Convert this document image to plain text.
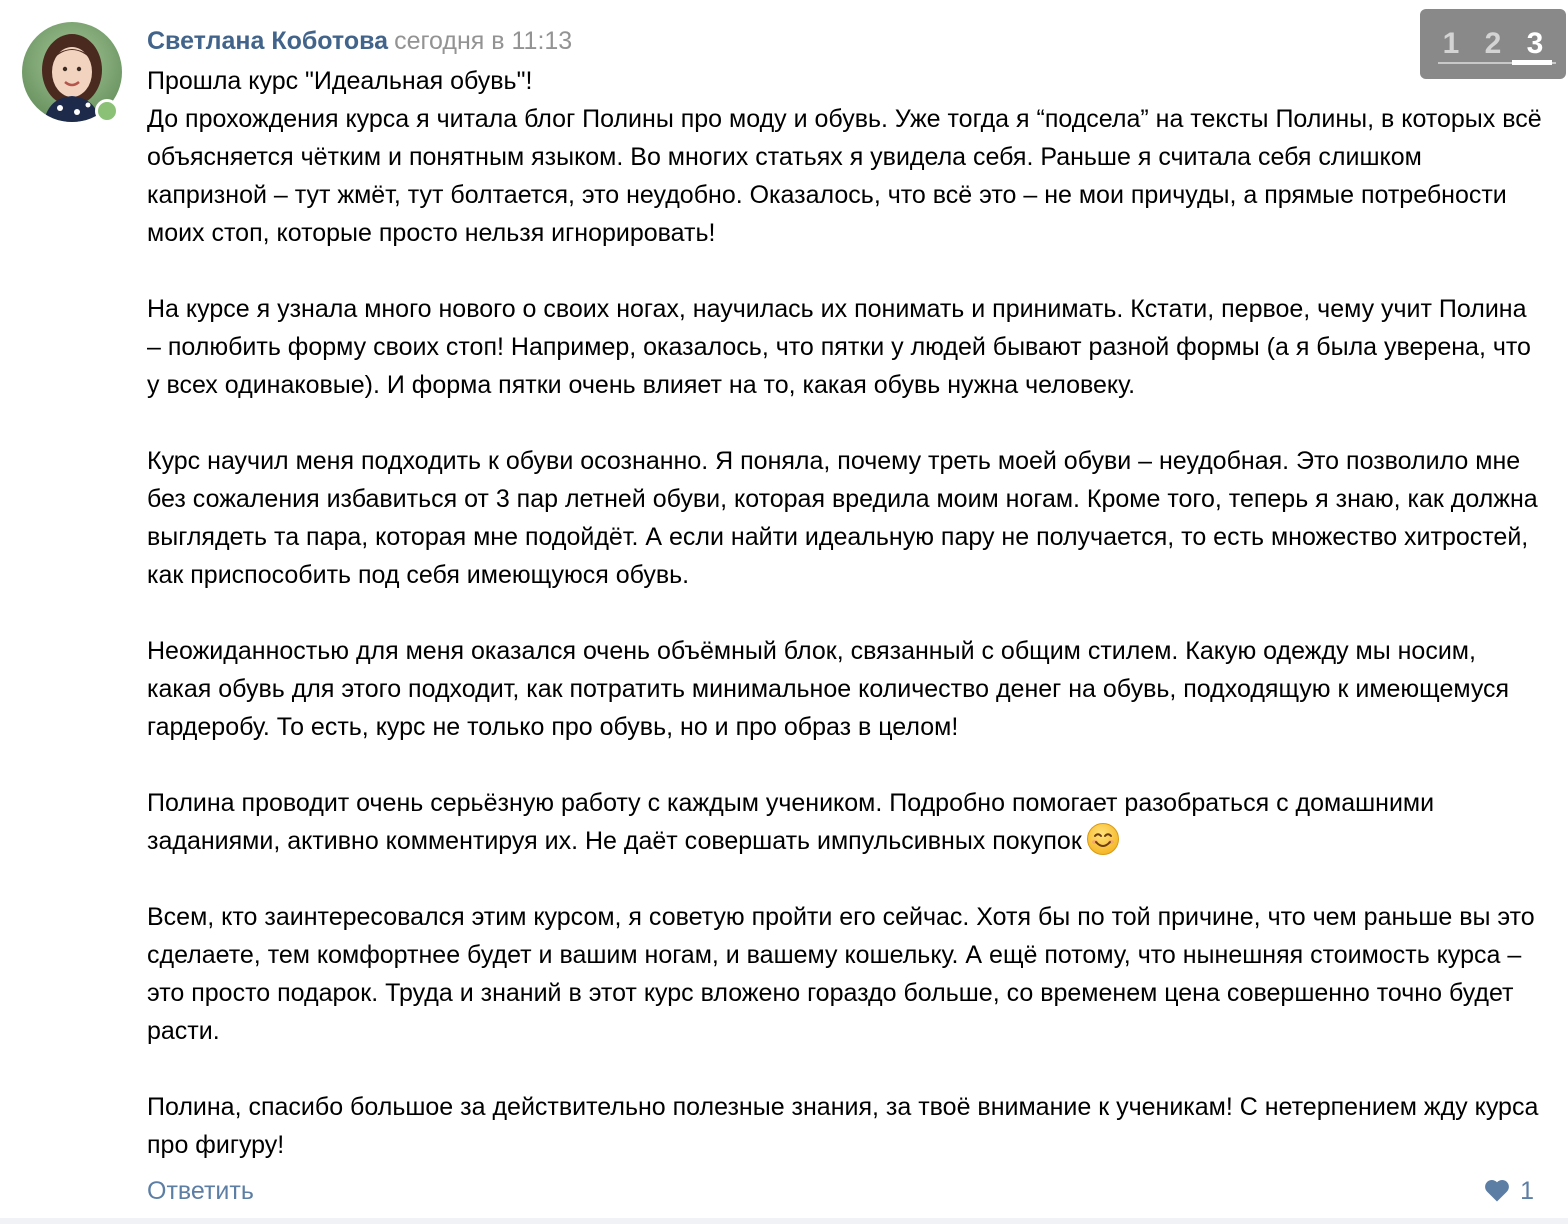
Светлана Коботова сегодня в 11:13	1 2 3

Прошла курс "Идеальная обувь"!
До прохождения курса я читала блог Полины про моду и обувь. Уже тогда я “подсела” на тексты Полины, в которых всё объясняется чётким и понятным языком. Во многих статьях я увидела себя. Раньше я считала себя слишком капризной – тут жмёт, тут болтается, это неудобно. Оказалось, что всё это – не мои причуды, а прямые потребности моих стоп, которые просто нельзя игнорировать!

На курсе я узнала много нового о своих ногах, научилась их понимать и принимать. Кстати, первое, чему учит Полина – полюбить форму своих стоп! Например, оказалось, что пятки у людей бывают разной формы (а я была уверена, что у всех одинаковые). И форма пятки очень влияет на то, какая обувь нужна человеку.

Курс научил меня подходить к обуви осознанно. Я поняла, почему треть моей обуви – неудобная. Это позволило мне без сожаления избавиться от 3 пар летней обуви, которая вредила моим ногам. Кроме того, теперь я знаю, как должна выглядеть та пара, которая мне подойдёт. А если найти идеальную пару не получается, то есть множество хитростей, как приспособить под себя имеющуюся обувь.

Неожиданностью для меня оказался очень объёмный блок, связанный с общим стилем. Какую одежду мы носим, какая обувь для этого подходит, как потратить минимальное количество денег на обувь, подходящую к имеющемуся гардеробу. То есть, курс не только про обувь, но и про образ в целом!

Полина проводит очень серьёзную работу с каждым учеником. Подробно помогает разобраться с домашними заданиями, активно комментируя их. Не даёт совершать импульсивных покупок

Всем, кто заинтересовался этим курсом, я советую пройти его сейчас. Хотя бы по той причине, что чем раньше вы это сделаете, тем комфортнее будет и вашим ногам, и вашему кошельку. А ещё потому, что нынешняя стоимость курса – это просто подарок. Труда и знаний в этот курс вложено гораздо больше, со временем цена совершенно точно будет расти.

Полина, спасибо большое за действительно полезные знания, за твоё внимание к ученикам! С нетерпением жду курса про фигуру!

Ответить	1
